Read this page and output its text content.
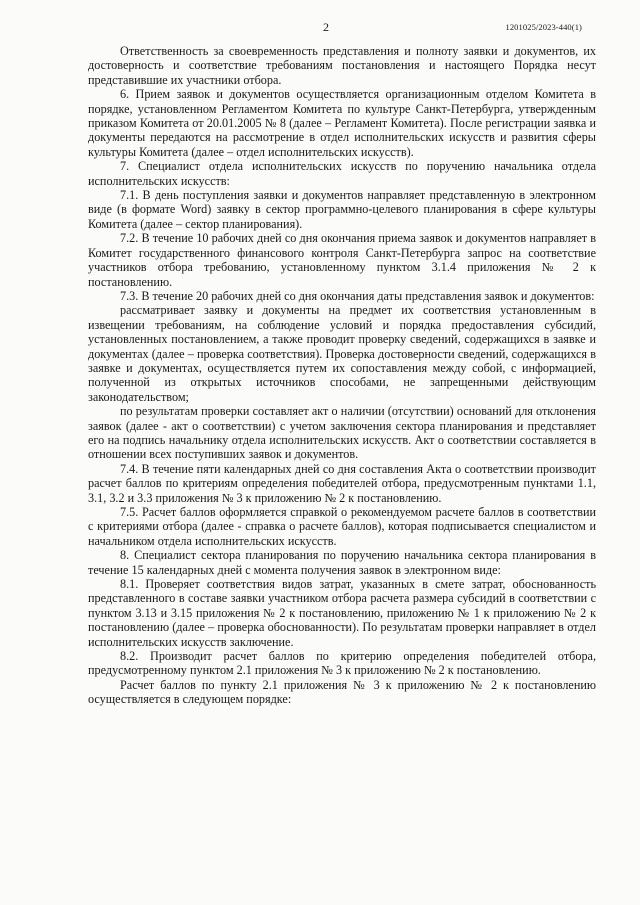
2	1201025/2023-440(1)

Ответственность за своевременность представления и полноту заявки и документов, их достоверность и соответствие требованиям постановления и настоящего Порядка несут представившие их участники отбора.

6. Прием заявок и документов осуществляется организационным отделом Комитета в порядке, установленном Регламентом Комитета по культуре Санкт-Петербурга, утвержденным приказом Комитета от 20.01.2005 № 8 (далее – Регламент Комитета). После регистрации заявка и документы передаются на рассмотрение в отдел исполнительских искусств и развития сферы культуры Комитета (далее – отдел исполнительских искусств).

7. Специалист отдела исполнительских искусств по поручению начальника отдела исполнительских искусств:

7.1. В день поступления заявки и документов направляет представленную в электронном виде (в формате Word) заявку в сектор программно-целевого планирования в сфере культуры Комитета (далее – сектор планирования).

7.2. В течение 10 рабочих дней со дня окончания приема заявок и документов направляет в Комитет государственного финансового контроля Санкт-Петербурга запрос на соответствие участников отбора требованию, установленному пунктом 3.1.4 приложения № 2 к постановлению.

7.3. В течение 20 рабочих дней со дня окончания даты представления заявок и документов:

рассматривает заявку и документы на предмет их соответствия установленным в извещении требованиям, на соблюдение условий и порядка предоставления субсидий, установленных постановлением, а также проводит проверку сведений, содержащихся в заявке и документах (далее – проверка соответствия). Проверка достоверности сведений, содержащихся в заявке и документах, осуществляется путем их сопоставления между собой, с информацией, полученной из открытых источников способами, не запрещенными действующим законодательством;

по результатам проверки составляет акт о наличии (отсутствии) оснований для отклонения заявок (далее - акт о соответствии) с учетом заключения сектора планирования и представляет его на подпись начальнику отдела исполнительских искусств. Акт о соответствии составляется в отношении всех поступивших заявок и документов.

7.4. В течение пяти календарных дней со дня составления Акта о соответствии производит расчет баллов по критериям определения победителей отбора, предусмотренным пунктами 1.1, 3.1, 3.2 и 3.3 приложения № 3 к приложению № 2 к постановлению.

7.5. Расчет баллов оформляется справкой о рекомендуемом расчете баллов в соответствии с критериями отбора (далее - справка о расчете баллов), которая подписывается специалистом и начальником отдела исполнительских искусств.

8. Специалист сектора планирования по поручению начальника сектора планирования в течение 15 календарных дней с момента получения заявок в электронном виде:

8.1. Проверяет соответствия видов затрат, указанных в смете затрат, обоснованность представленного в составе заявки участником отбора расчета размера субсидий в соответствии с пунктом 3.13 и 3.15 приложения № 2 к постановлению, приложению № 1 к приложению № 2 к постановлению (далее – проверка обоснованности). По результатам проверки направляет в отдел исполнительских искусств заключение.

8.2. Производит расчет баллов по критерию определения победителей отбора, предусмотренному пунктом 2.1 приложения № 3 к приложению № 2 к постановлению.

Расчет баллов по пункту 2.1 приложения № 3 к приложению № 2 к постановлению осуществляется в следующем порядке:
